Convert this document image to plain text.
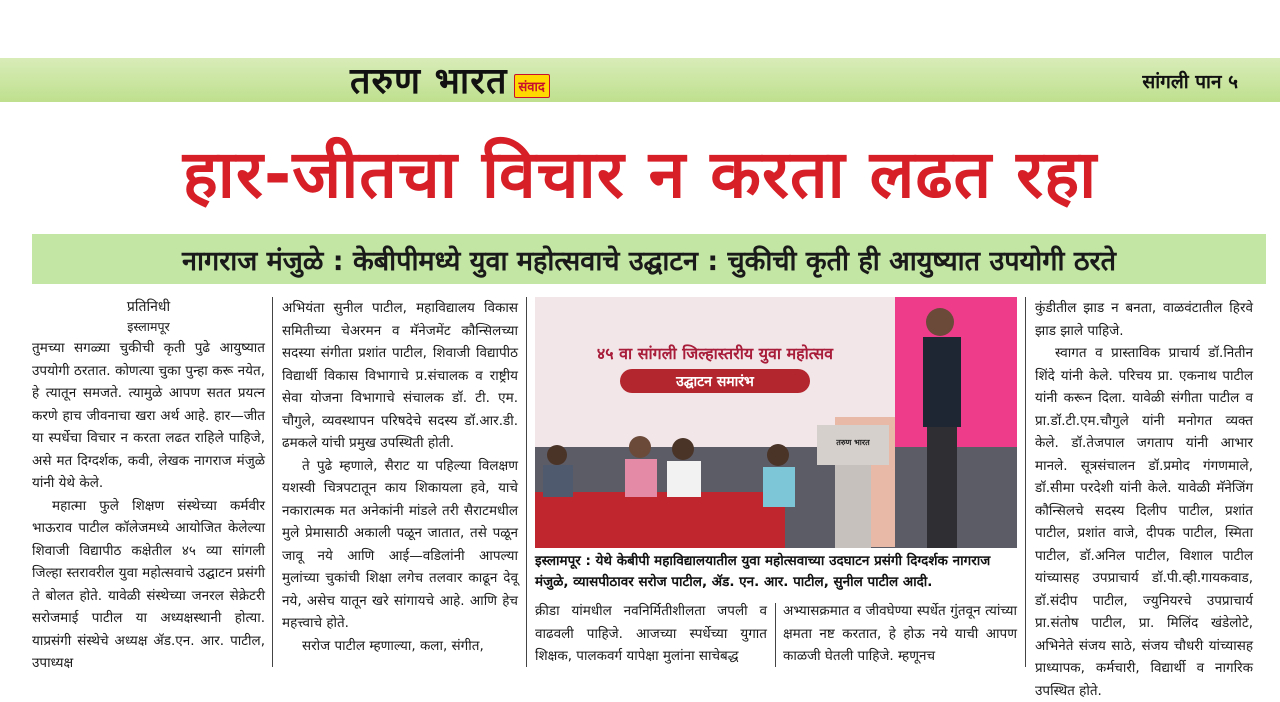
तरुण भारत संवाद	सांगली पान ५
हार-जीतचा विचार न करता लढत रहा
नागराज मंजुळे : केबीपीमध्ये युवा महोत्सवाचे उद्घाटन : चुकीची कृती ही आयुष्यात उपयोगी ठरते
प्रतिनिधी
इस्लामपूर

तुमच्या सगळ्या चुकीची कृती पुढे आयुष्यात उपयोगी ठरतात. कोणत्या चुका पुन्हा करू नयेत, हे त्यातून समजते. त्यामुळे आपण सतत प्रयत्न करणे हाच जीवनाचा खरा अर्थ आहे. हार—जीत या स्पर्धेचा विचार न करता लढत राहिले पाहिजे, असे मत दिग्दर्शक, कवी, लेखक नागराज मंजुळे यांनी येथे केले.

महात्मा फुले शिक्षण संस्थेच्या कर्मवीर भाऊराव पाटील कॉलेजमध्ये आयोजित केलेल्या शिवाजी विद्यापीठ कक्षेतील ४५ व्या सांगली जिल्हा स्तरावरील युवा महोत्सवाचे उद्घाटन प्रसंगी ते बोलत होते. यावेळी संस्थेच्या जनरल सेक्रेटरी सरोजमाई पाटील या अध्यक्षस्थानी होत्या. याप्रसंगी संस्थेचे अध्यक्ष ॲड.एन. आर. पाटील, उपाध्यक्ष

अभियंता सुनील पाटील, महाविद्यालय विकास समितीच्या चेअरमन व मॅनेजमेंट कौन्सिलच्या सदस्या संगीता प्रशांत पाटील, शिवाजी विद्यापीठ विद्यार्थी विकास विभागाचे प्र.संचालक व राष्ट्रीय सेवा योजना विभागाचे संचालक डॉ. टी. एम. चौगुले, व्यवस्थापन परिषदेचे सदस्य डॉ.आर.डी. ढमकले यांची प्रमुख उपस्थिती होती.

ते पुढे म्हणाले, सैराट या पहिल्या विलक्षण यशस्वी चित्रपटातून काय शिकायला हवे, याचे नकारात्मक मत अनेकांनी मांडले तरी सैराटमधील मुले प्रेमासाठी अकाली पळून जातात, तसे पळून जावू नये आणि आई—वडिलांनी आपल्या मुलांच्या चुकांची शिक्षा लगेच तलवार काढून देवू नये, असेच यातून खरे सांगायचे आहे. आणि हेच महत्त्वाचे होते.

सरोज पाटील म्हणाल्या, कला, संगीत,

४५ वा सांगली जिल्हास्तरीय युवा महोत्सव
उद्घाटन समारंभ
तरुण भारत
इस्लामपूर : येथे केबीपी महाविद्यालयातील युवा महोत्सवाच्या उदघाटन प्रसंगी दिग्दर्शक नागराज मंजुळे, व्यासपीठावर सरोज पाटील, ॲड. एन. आर. पाटील, सुनील पाटील आदी.

क्रीडा यांमधील नवनिर्मितीशीलता जपली व वाढवली पाहिजे. आजच्या स्पर्धेच्या युगात शिक्षक, पालकवर्ग यापेक्षा मुलांना साचेबद्ध

अभ्यासक्रमात व जीवघेण्या स्पर्धेत गुंतवून त्यांच्या क्षमता नष्ट करतात, हे होऊ नये याची आपण काळजी घेतली पाहिजे. म्हणूनच

कुंडीतील झाड न बनता, वाळवंटातील हिरवे झाड झाले पाहिजे.

स्वागत व प्रास्ताविक प्राचार्य डॉ.नितीन शिंदे यांनी केले. परिचय प्रा. एकनाथ पाटील यांनी करून दिला. यावेळी संगीता पाटील व प्रा.डॉ.टी.एम.चौगुले यांनी मनोगत व्यक्त केले. डॉ.तेजपाल जगताप यांनी आभार मानले. सूत्रसंचालन डॉ.प्रमोद गंगणमाले, डॉ.सीमा परदेशी यांनी केले. यावेळी मॅनेजिंग कौन्सिलचे सदस्य दिलीप पाटील, प्रशांत पाटील, प्रशांत वाजे, दीपक पाटील, स्मिता पाटील, डॉ.अनिल पाटील, विशाल पाटील यांच्यासह उपप्राचार्य डॉ.पी.व्ही.गायकवाड, डॉ.संदीप पाटील, ज्युनियरचे उपप्राचार्य प्रा.संतोष पाटील, प्रा. मिलिंद खंडेलोटे, अभिनेते संजय साठे, संजय चौधरी यांच्यासह प्राध्यापक, कर्मचारी, विद्यार्थी व नागरिक उपस्थित होते.
